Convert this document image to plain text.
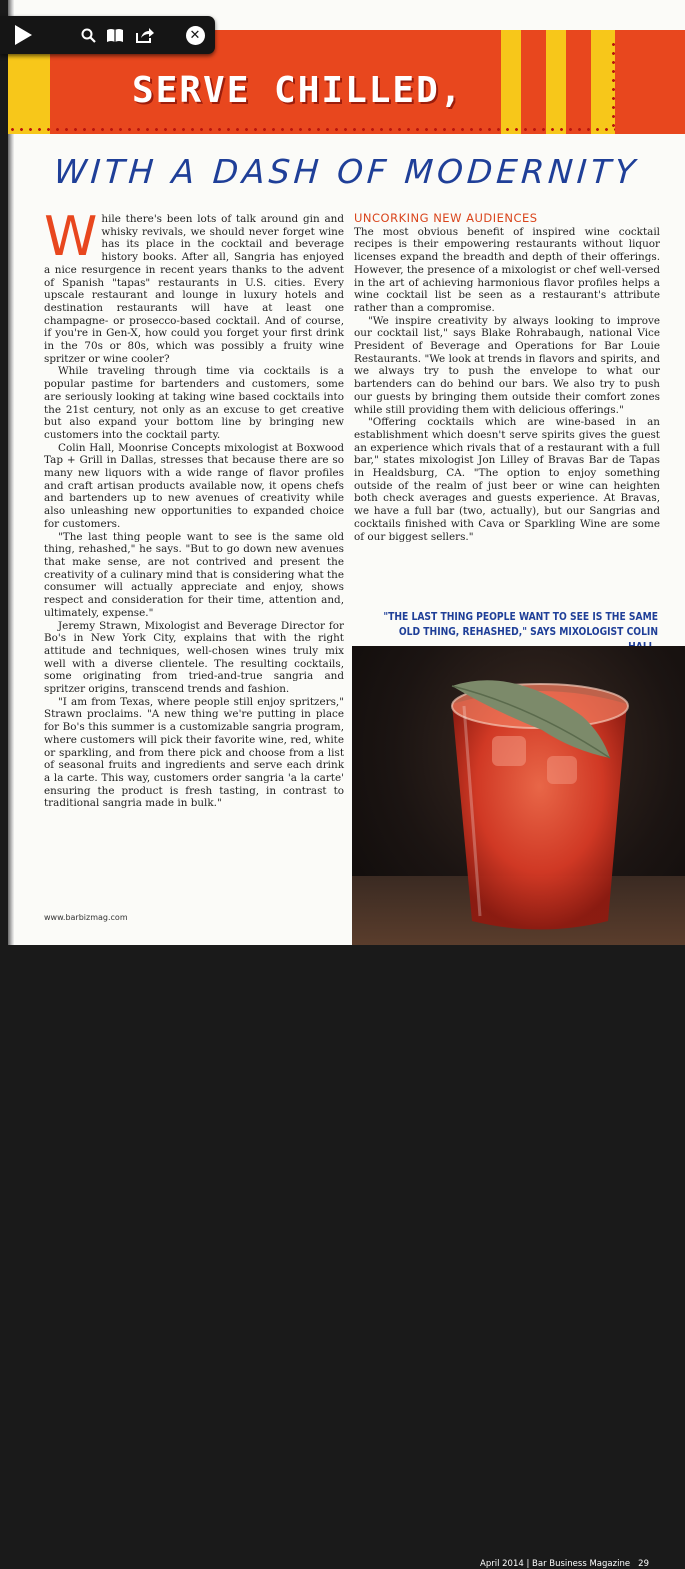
SERVE CHILLED,
WITH A DASH OF MODERNITY

While there's been lots of talk around gin and whisky revivals, we should never forget wine has its place in the cocktail and beverage history books. After all, Sangria has enjoyed a nice resurgence in recent years thanks to the advent of Spanish "tapas" restaurants in U.S. cities. Every upscale restaurant and lounge in luxury hotels and destination restaurants will have at least one champagne- or prosecco-based cocktail. And of course, if you're in Gen-X, how could you forget your first drink in the 70s or 80s, which was possibly a fruity wine spritzer or wine cooler?

While traveling through time via cocktails is a popular pastime for bartenders and customers, some are seriously looking at taking wine based cocktails into the 21st century, not only as an excuse to get creative but also expand your bottom line by bringing new customers into the cocktail party.

Colin Hall, Moonrise Concepts mixologist at Boxwood Tap + Grill in Dallas, stresses that because there are so many new liquors with a wide range of flavor profiles and craft artisan products available now, it opens chefs and bartenders up to new avenues of creativity while also unleashing new opportunities to expanded choice for customers.

"The last thing people want to see is the same old thing, rehashed," he says. "But to go down new avenues that make sense, are not contrived and present the creativity of a culinary mind that is considering what the consumer will actually appreciate and enjoy, shows respect and consideration for their time, attention and, ultimately, expense."

Jeremy Strawn, Mixologist and Beverage Director for Bo's in New York City, explains that with the right attitude and techniques, well-chosen wines truly mix well with a diverse clientele. The resulting cocktails, some originating from tried-and-true sangria and spritzer origins, transcend trends and fashion.

"I am from Texas, where people still enjoy spritzers," Strawn proclaims. "A new thing we're putting in place for Bo's this summer is a customizable sangria program, where customers will pick their favorite wine, red, white or sparkling, and from there pick and choose from a list of seasonal fruits and ingredients and serve each drink a la carte. This way, customers order sangria 'a la carte' ensuring the product is fresh tasting, in contrast to traditional sangria made in bulk."

UNCORKING NEW AUDIENCES

The most obvious benefit of inspired wine cocktail recipes is their empowering restaurants without liquor licenses expand the breadth and depth of their offerings. However, the presence of a mixologist or chef well-versed in the art of achieving harmonious flavor profiles helps a wine cocktail list be seen as a restaurant's attribute rather than a compromise.

"We inspire creativity by always looking to improve our cocktail list," says Blake Rohrabaugh, national Vice President of Beverage and Operations for Bar Louie Restaurants. "We look at trends in flavors and spirits, and we always try to push the envelope to what our bartenders can do behind our bars. We also try to push our guests by bringing them outside their comfort zones while still providing them with delicious offerings."

"Offering cocktails which are wine-based in an establishment which doesn't serve spirits gives the guest an experience which rivals that of a restaurant with a full bar," states mixologist Jon Lilley of Bravas Bar de Tapas in Healdsburg, CA. "The option to enjoy something outside of the realm of just beer or wine can heighten both check averages and guests experience. At Bravas, we have a full bar (two, actually), but our Sangrias and cocktails finished with Cava or Sparkling Wine are some of our biggest sellers."

"THE LAST THING PEOPLE WANT TO SEE IS THE SAME OLD THING, REHASHED," SAYS MIXOLOGIST COLIN
April 2014 | Bar Business Magazine 29
www.barbizmag.com
✕
